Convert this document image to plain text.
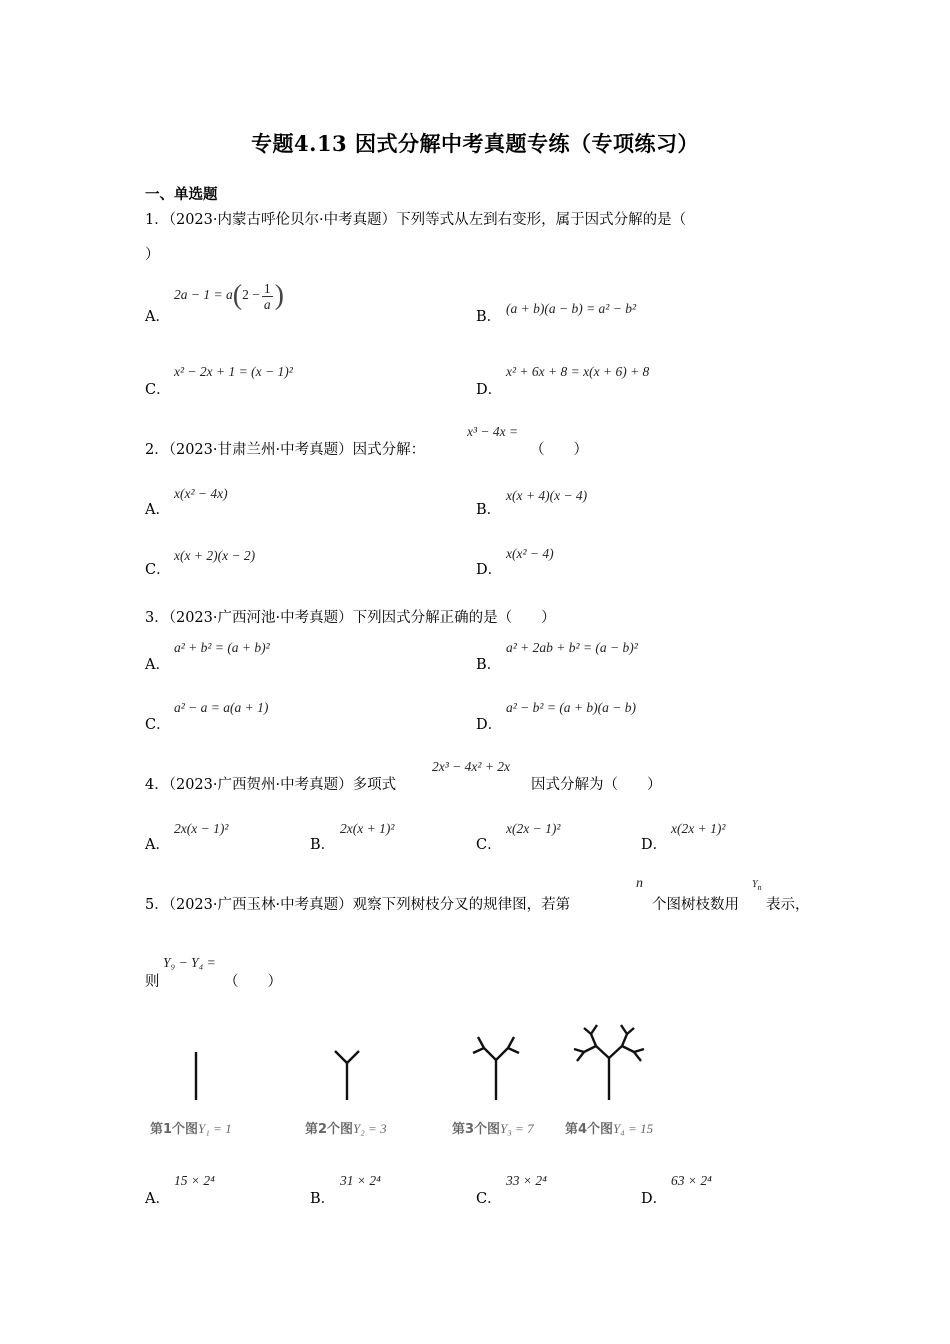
专题4.13 因式分解中考真题专练（专项练习）
一、单选题
1．（2023·内蒙古呼伦贝尔·中考真题）下列等式从左到右变形，属于因式分解的是（
）
A．
$2a - 1 = a(2 - \frac{1}{a}$ )
B．
(a + b)(a − b) = a² − b²
C．
x² − 2x + 1 = (x − 1)²
D．
x² + 6x + 8 = x(x + 6) + 8
2．（2023·甘肃兰州·中考真题）因式分解：
x³ − 4x =
（　　）
A．
x(x² − 4x)
B．
x(x + 4)(x − 4)
C．
x(x + 2)(x − 2)
D．
x(x² − 4)
3．（2023·广西河池·中考真题）下列因式分解正确的是（　　）
A．
a² + b² = (a + b)²
B．
a² + 2ab + b² = (a − b)²
C．
a² − a = a(a + 1)
D．
a² − b² = (a + b)(a − b)
4．（2023·广西贺州·中考真题）多项式
2x³ − 4x² + 2x
因式分解为（　　）
A．
2x(x − 1)²
B．
2x(x + 1)²
C．
x(2x − 1)²
D．
x(2x + 1)²
5．（2023·广西玉林·中考真题）观察下列树枝分叉的规律图，若第
n
个图树枝数用
$Y_n$
表示，
则
Y₉ − Y₄ =
（　　）
第1个图Y₁ = 1	第2个图Y₂ = 3	第3个图Y₃ = 7 第4个图Y₄ = 15
A．
15 × 2⁴
B．
31 × 2⁴
C．
33 × 2⁴
D．
63 × 2⁴
